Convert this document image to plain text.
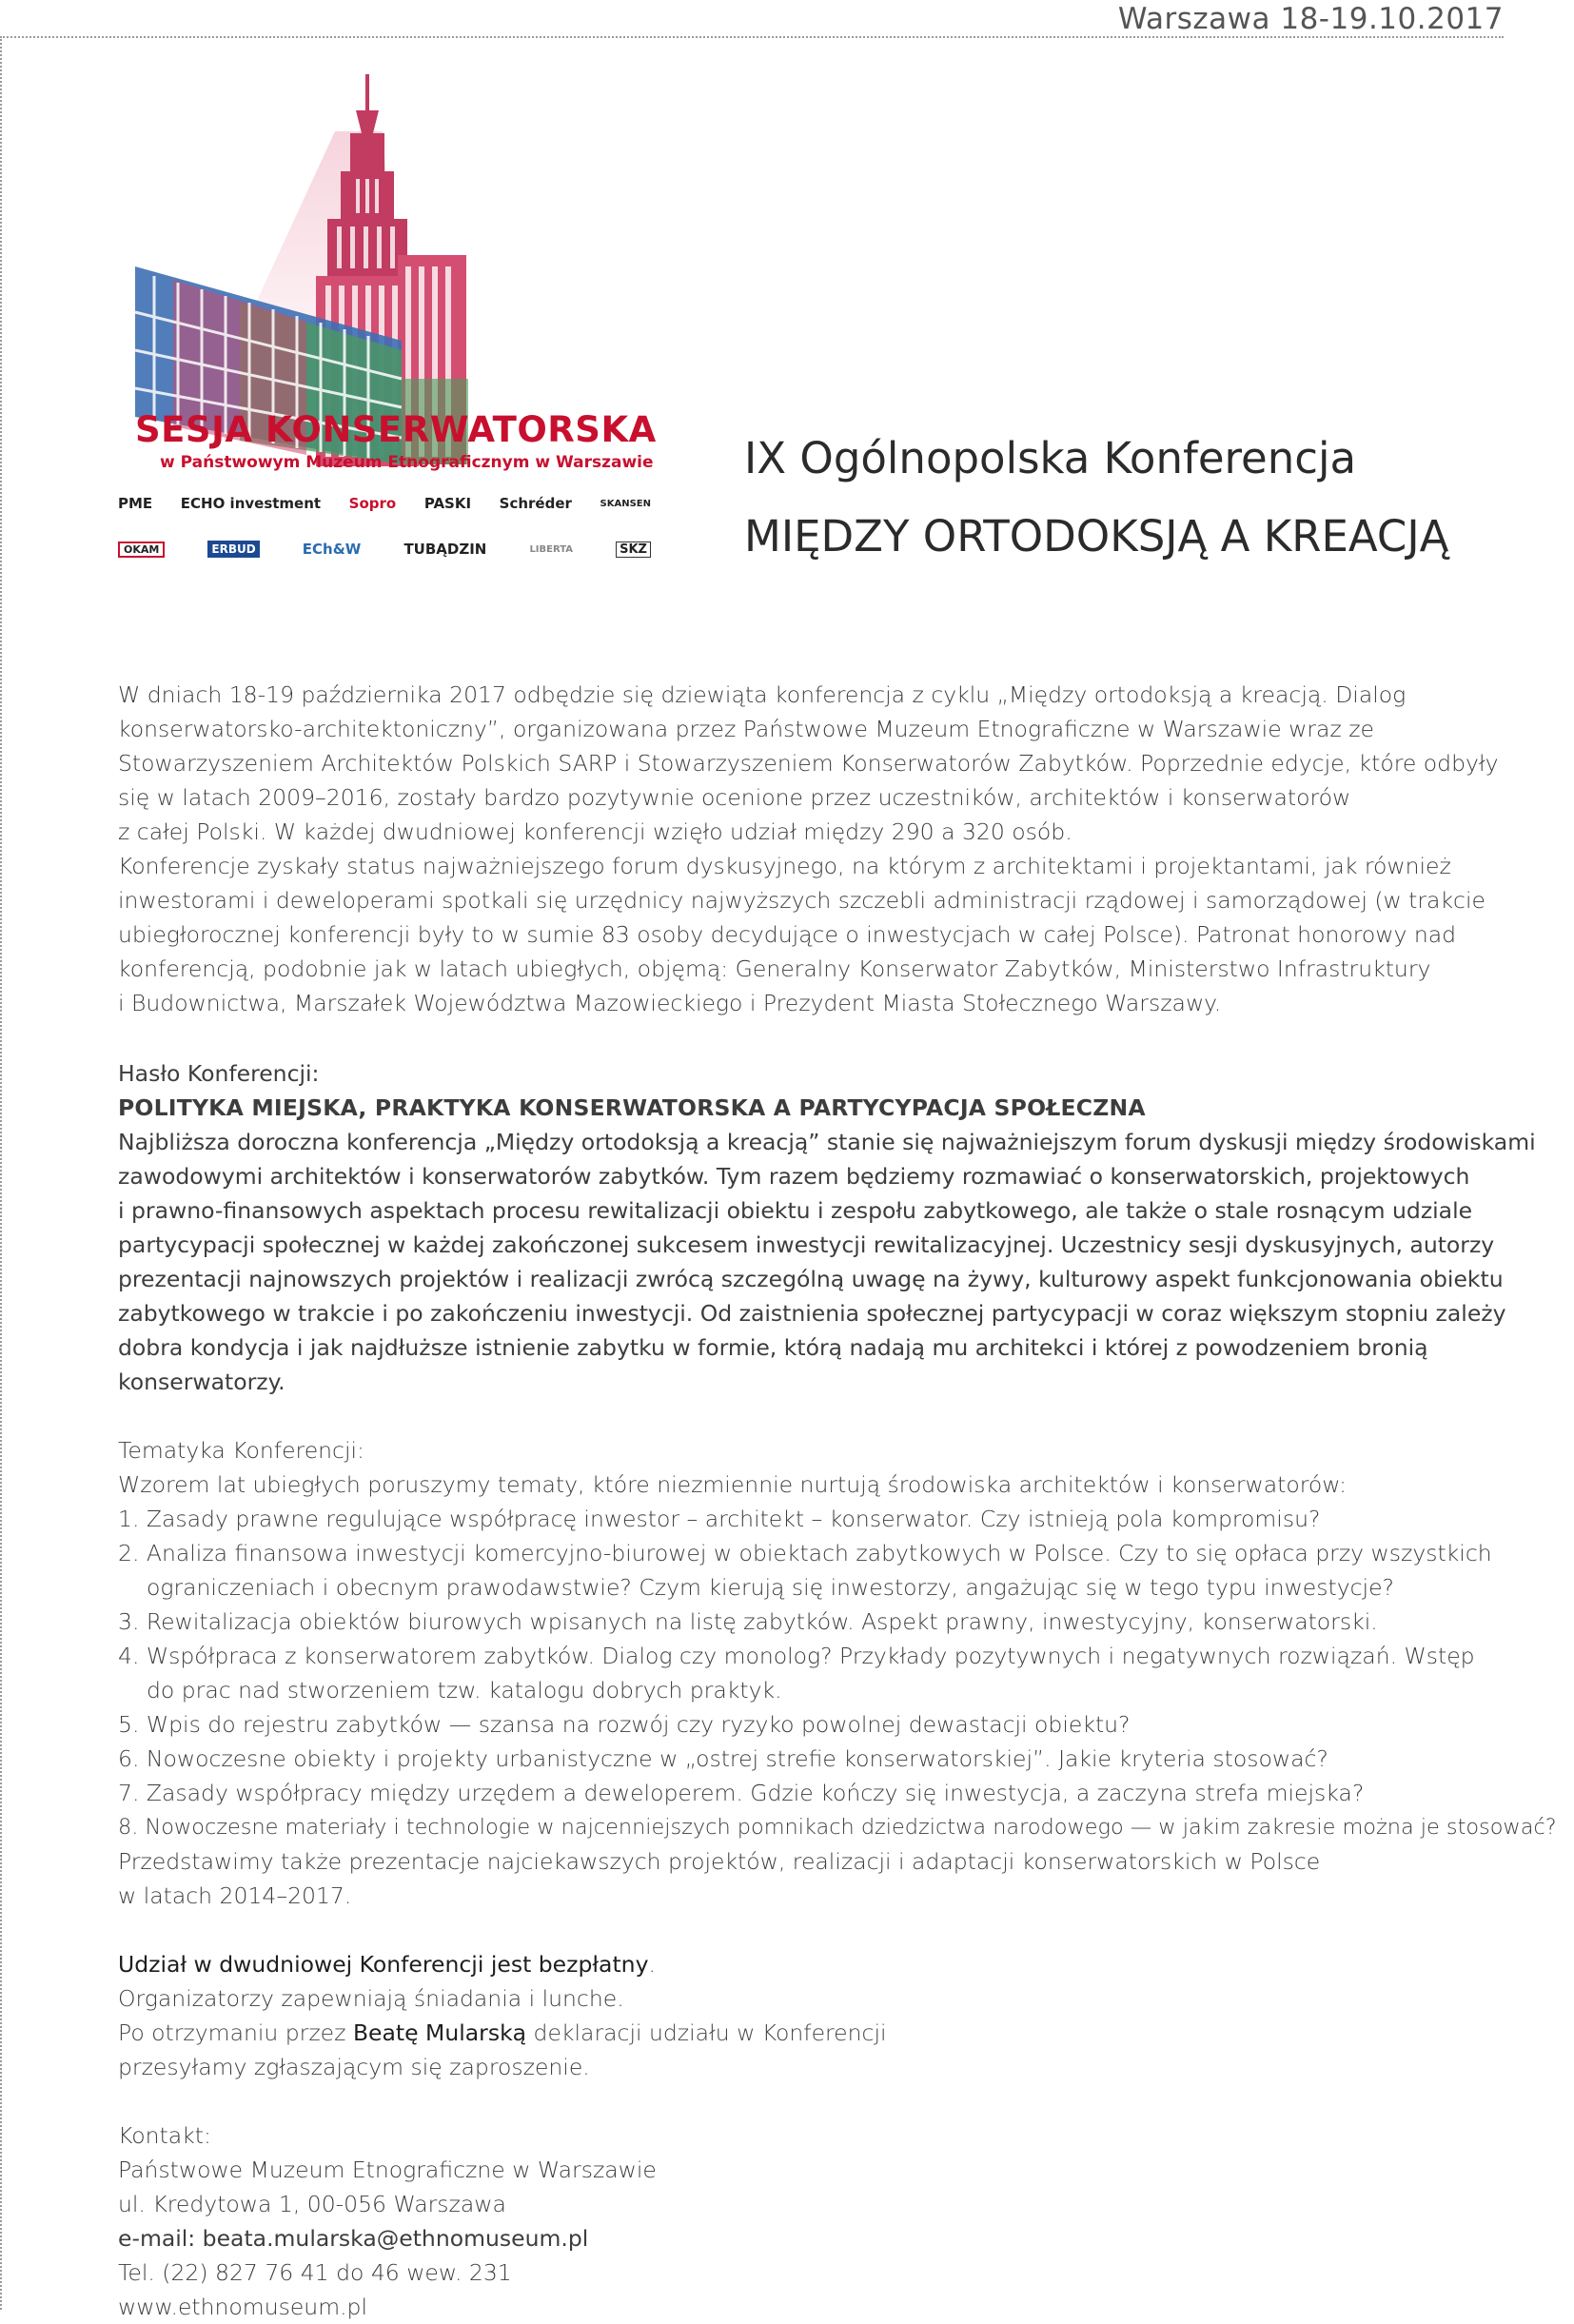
Warszawa 18-19.10.2017
SESJA KONSERWATORSKA
w Państwowym Muzeum Etnograficznym w Warszawie
PME ECHO investment Sopro PASKI Schréder	SKANSEN
OKAM	ERBUD	ECh&W	TUBĄDZIN	LIBERTA	SKZ
IX Ogólnopolska Konferencja
MIĘDZY ORTODOKSJĄ A KREACJĄ

W dniach 18-19 października 2017 odbędzie się dziewiąta konferencja z cyklu „Między ortodoksją a kreacją. Dialog

konserwatorsko-architektoniczny”, organizowana przez Państwowe Muzeum Etnograficzne w Warszawie wraz ze

Stowarzyszeniem Architektów Polskich SARP i Stowarzyszeniem Konserwatorów Zabytków. Poprzednie edycje, które odbyły

się w latach 2009–2016, zostały bardzo pozytywnie ocenione przez uczestników, architektów i konserwatorów

z całej Polski. W każdej dwudniowej konferencji wzięło udział między 290 a 320 osób.

Konferencje zyskały status najważniejszego forum dyskusyjnego, na którym z architektami i projektantami, jak również

inwestorami i deweloperami spotkali się urzędnicy najwyższych szczebli administracji rządowej i samorządowej (w trakcie

ubiegłorocznej konferencji były to w sumie 83 osoby decydujące o inwestycjach w całej Polsce). Patronat honorowy nad

konferencją, podobnie jak w latach ubiegłych, objęmą: Generalny Konserwator Zabytków, Ministerstwo Infrastruktury

i Budownictwa, Marszałek Województwa Mazowieckiego i Prezydent Miasta Stołecznego Warszawy.

Hasło Konferencji:

POLITYKA MIEJSKA, PRAKTYKA KONSERWATORSKA A PARTYCYPACJA SPOŁECZNA

Najbliższa doroczna konferencja „Między ortodoksją a kreacją” stanie się najważniejszym forum dyskusji między środowiskami

zawodowymi architektów i konserwatorów zabytków. Tym razem będziemy rozmawiać o konserwatorskich, projektowych

i prawno-finansowych aspektach procesu rewitalizacji obiektu i zespołu zabytkowego, ale także o stale rosnącym udziale

partycypacji społecznej w każdej zakończonej sukcesem inwestycji rewitalizacyjnej. Uczestnicy sesji dyskusyjnych, autorzy

prezentacji najnowszych projektów i realizacji zwrócą szczególną uwagę na żywy, kulturowy aspekt funkcjonowania obiektu

zabytkowego w trakcie i po zakończeniu inwestycji. Od zaistnienia społecznej partycypacji w coraz większym stopniu zależy

dobra kondycja i jak najdłuższe istnienie zabytku w formie, którą nadają mu architekci i której z powodzeniem bronią

konserwatorzy.

Tematyka Konferencji:

Wzorem lat ubiegłych poruszymy tematy, które niezmiennie nurtują środowiska architektów i konserwatorów:

1. Zasady prawne regulujące współpracę inwestor – architekt – konserwator. Czy istnieją pola kompromisu?
2. Analiza finansowa inwestycji komercyjno-biurowej w obiektach zabytkowych w Polsce. Czy to się opłaca przy wszystkich ograniczeniach i obecnym prawodawstwie? Czym kierują się inwestorzy, angażując się w tego typu inwestycje?
3. Rewitalizacja obiektów biurowych wpisanych na listę zabytków. Aspekt prawny, inwestycyjny, konserwatorski.
4. Współpraca z konserwatorem zabytków. Dialog czy monolog? Przykłady pozytywnych i negatywnych rozwiązań. Wstęp do prac nad stworzeniem tzw. katalogu dobrych praktyk.
5. Wpis do rejestru zabytków — szansa na rozwój czy ryzyko powolnej dewastacji obiektu?
6. Nowoczesne obiekty i projekty urbanistyczne w „ostrej strefie konserwatorskiej”. Jakie kryteria stosować?
7. Zasady współpracy między urzędem a deweloperem. Gdzie kończy się inwestycja, a zaczyna strefa miejska?
8. Nowoczesne materiały i technologie w najcenniejszych pomnikach dziedzictwa narodowego — w jakim zakresie można je stosować?

Przedstawimy także prezentacje najciekawszych projektów, realizacji i adaptacji konserwatorskich w Polsce

w latach 2014–2017.

Udział w dwudniowej Konferencji jest bezpłatny.

Organizatorzy zapewniają śniadania i lunche.

Po otrzymaniu przez Beatę Mularską deklaracji udziału w Konferencji

przesyłamy zgłaszającym się zaproszenie.

Kontakt:

Państwowe Muzeum Etnograficzne w Warszawie

ul. Kredytowa 1, 00-056 Warszawa

e-mail: beata.mularska@ethnomuseum.pl

Tel. (22) 827 76 41 do 46 wew. 231

www.ethnomuseum.pl
